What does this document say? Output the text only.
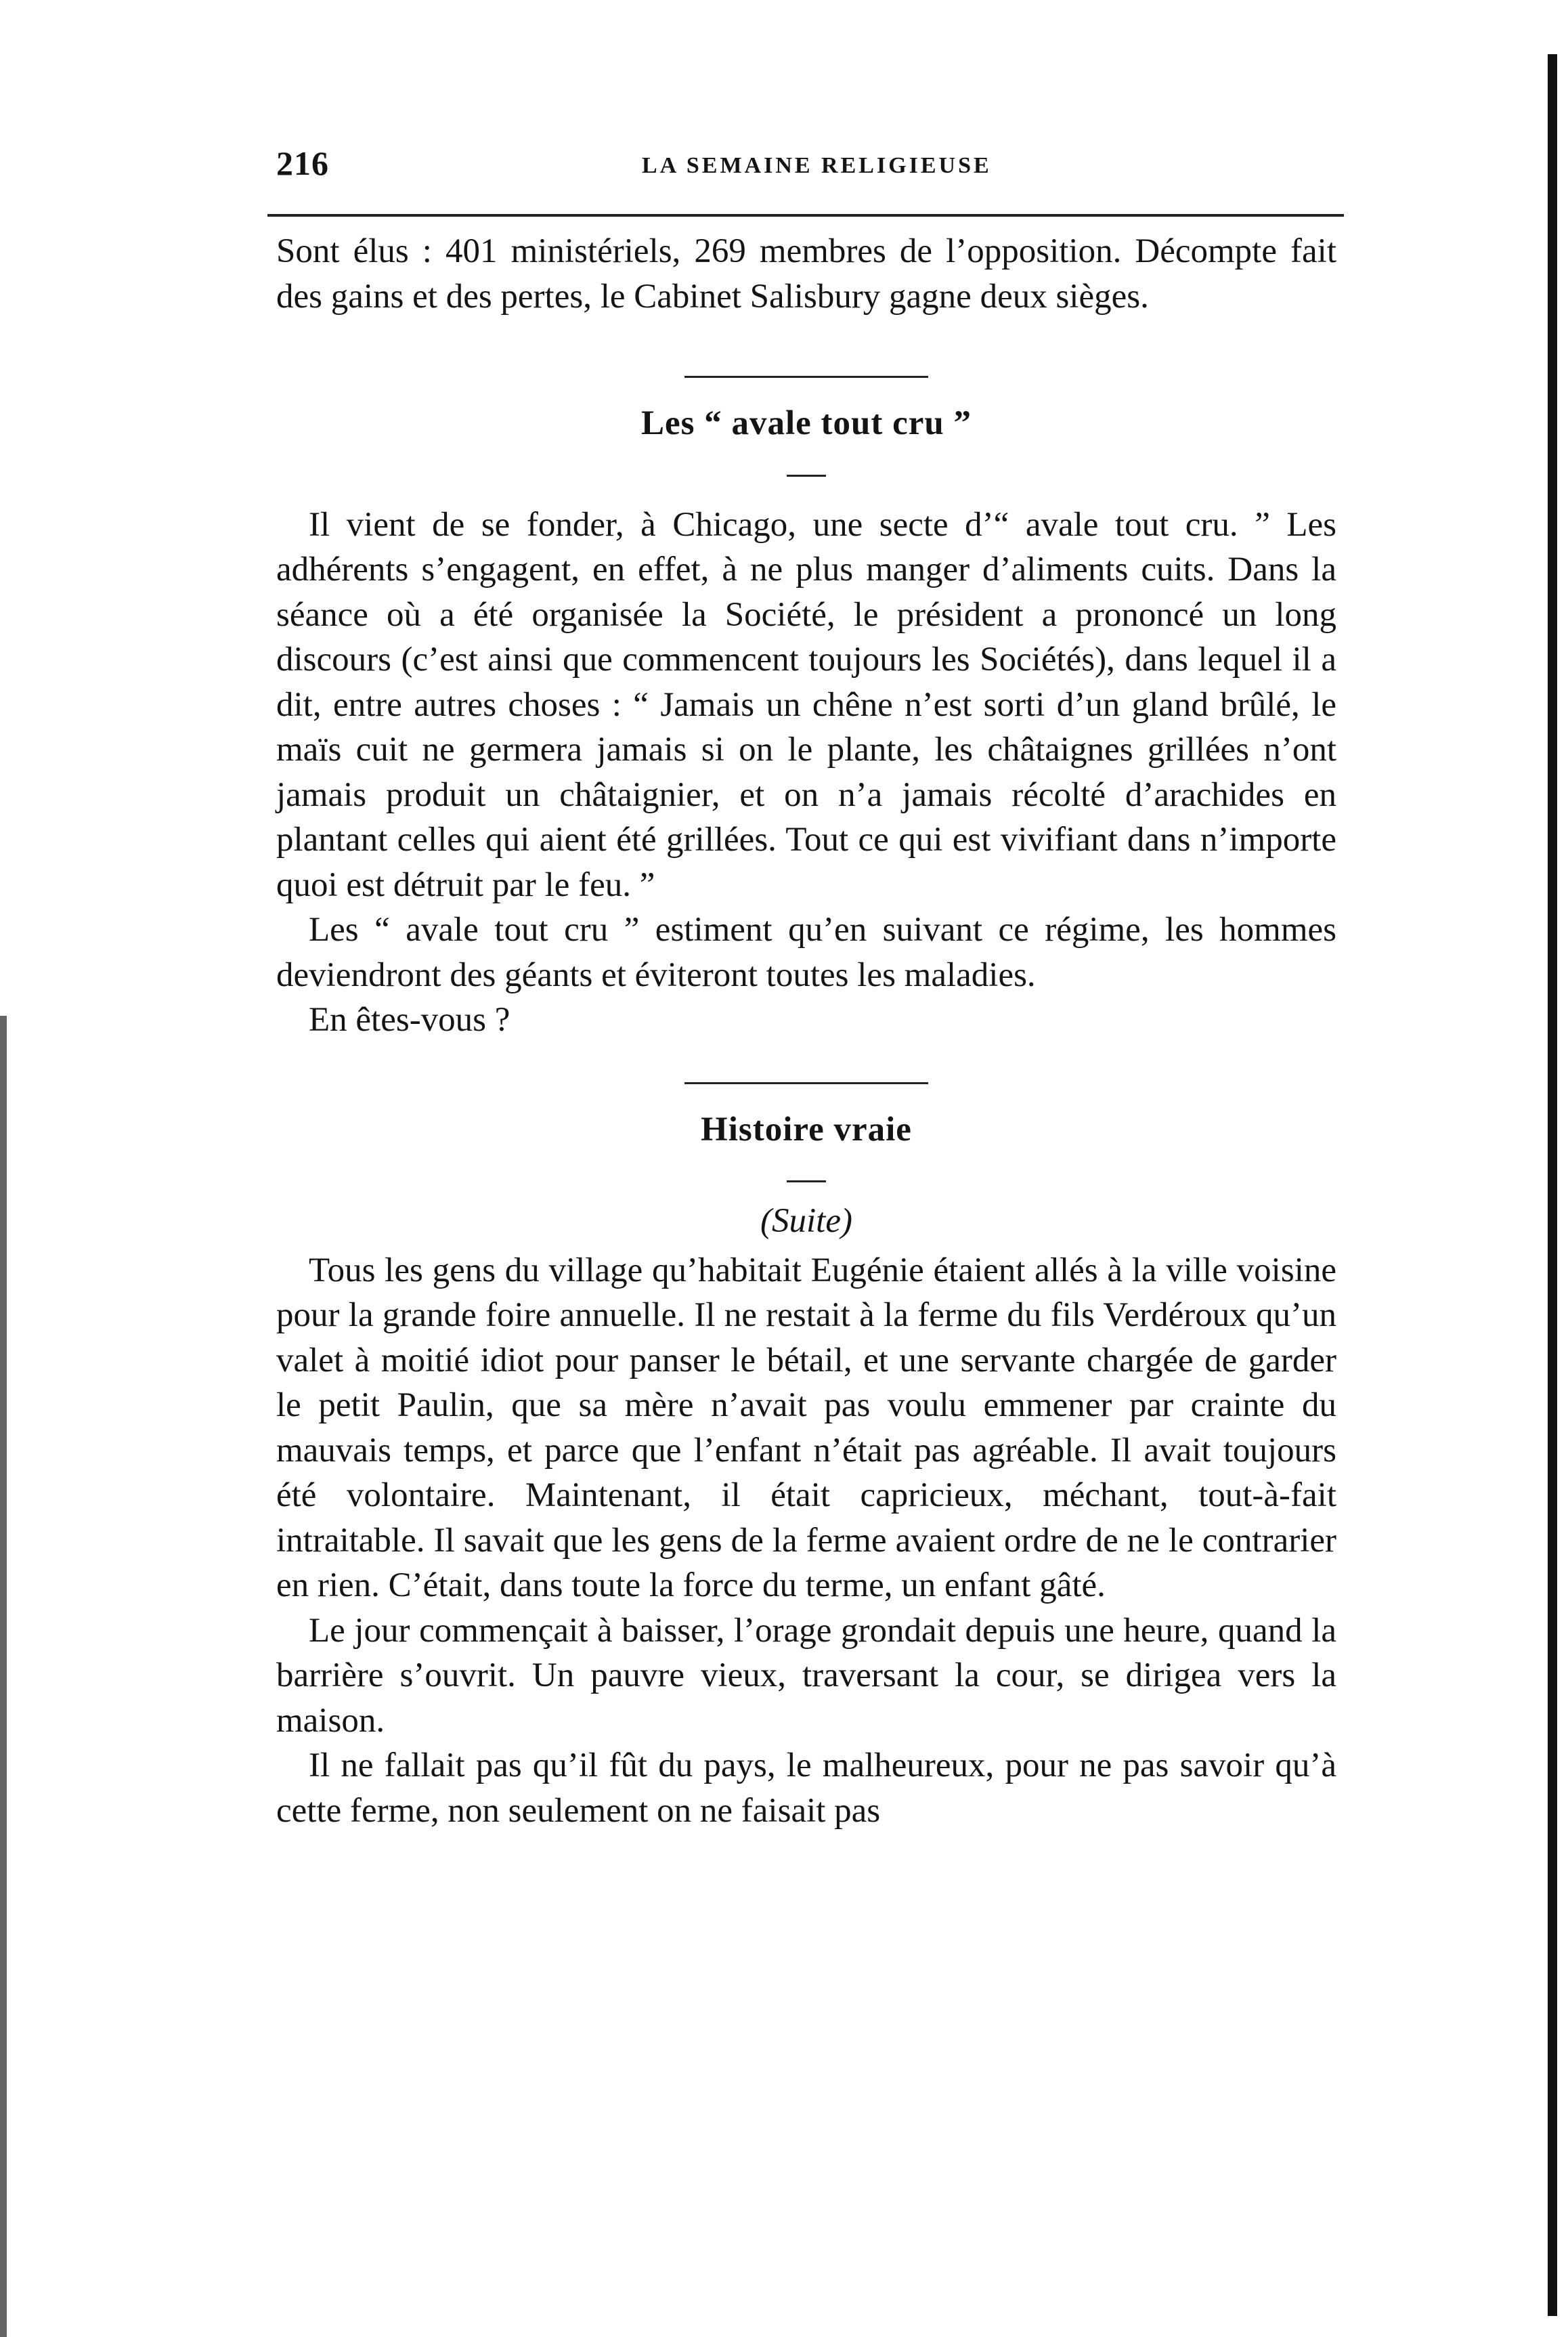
216	LA SEMAINE RELIGIEUSE

Sont élus : 401 ministériels, 269 membres de l’opposition. Décompte fait des gains et des pertes, le Cabinet Salisbury gagne deux sièges.

Les “ avale tout cru ”

Il vient de se fonder, à Chicago, une secte d’“ avale tout cru. ” Les adhérents s’engagent, en effet, à ne plus manger d’aliments cuits. Dans la séance où a été organisée la Société, le président a prononcé un long discours (c’est ainsi que commencent toujours les Sociétés), dans lequel il a dit, entre autres choses : “ Jamais un chêne n’est sorti d’un gland brûlé, le maïs cuit ne germera jamais si on le plante, les châtaignes grillées n’ont jamais produit un châtaignier, et on n’a jamais récolté d’arachides en plantant celles qui aient été grillées. Tout ce qui est vivifiant dans n’importe quoi est détruit par le feu. ”

Les “ avale tout cru ” estiment qu’en suivant ce régime, les hommes deviendront des géants et éviteront toutes les maladies.

En êtes-vous ?

Histoire vraie
(Suite)

Tous les gens du village qu’habitait Eugénie étaient allés à la ville voisine pour la grande foire annuelle. Il ne restait à la ferme du fils Verdéroux qu’un valet à moitié idiot pour panser le bétail, et une servante chargée de garder le petit Paulin, que sa mère n’avait pas voulu emmener par crainte du mauvais temps, et parce que l’enfant n’était pas agréable. Il avait toujours été volontaire. Maintenant, il était capricieux, méchant, tout-à-fait intraitable. Il savait que les gens de la ferme avaient ordre de ne le contrarier en rien. C’était, dans toute la force du terme, un enfant gâté.

Le jour commençait à baisser, l’orage grondait depuis une heure, quand la barrière s’ouvrit. Un pauvre vieux, traversant la cour, se dirigea vers la maison.

Il ne fallait pas qu’il fût du pays, le malheureux, pour ne pas savoir qu’à cette ferme, non seulement on ne faisait pas
